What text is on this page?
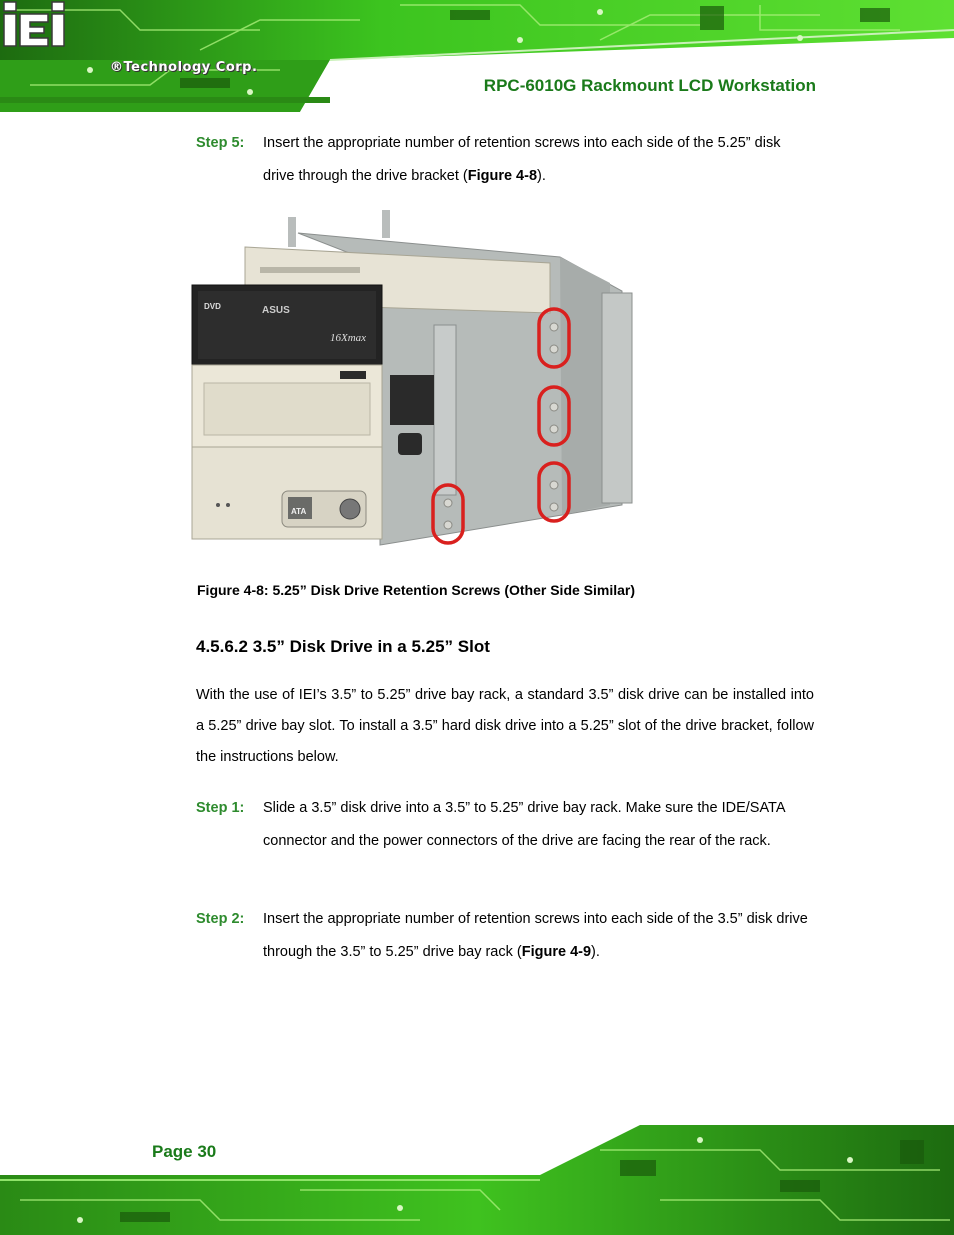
iEi
®Technology Corp.
RPC-6010G Rackmount LCD Workstation
Step 5: Insert the appropriate number of retention screws into each side of the 5.25” disk drive through the drive bracket (Figure 4-8).
DVD	ASUS
16Xmax
ATA
Figure 4-8: 5.25” Disk Drive Retention Screws (Other Side Similar)
4.5.6.2 3.5” Disk Drive in a 5.25” Slot
With the use of IEI’s 3.5” to 5.25” drive bay rack, a standard 3.5” disk drive can be installed into a 5.25” drive bay slot. To install a 3.5” hard disk drive into a 5.25” slot of the drive bracket, follow the instructions below.
Step 1: Slide a 3.5” disk drive into a 3.5” to 5.25” drive bay rack. Make sure the IDE/SATA connector and the power connectors of the drive are facing the rear of the rack.
Step 2: Insert the appropriate number of retention screws into each side of the 3.5” disk drive through the 3.5” to 5.25” drive bay rack (Figure 4-9).
Page 30
